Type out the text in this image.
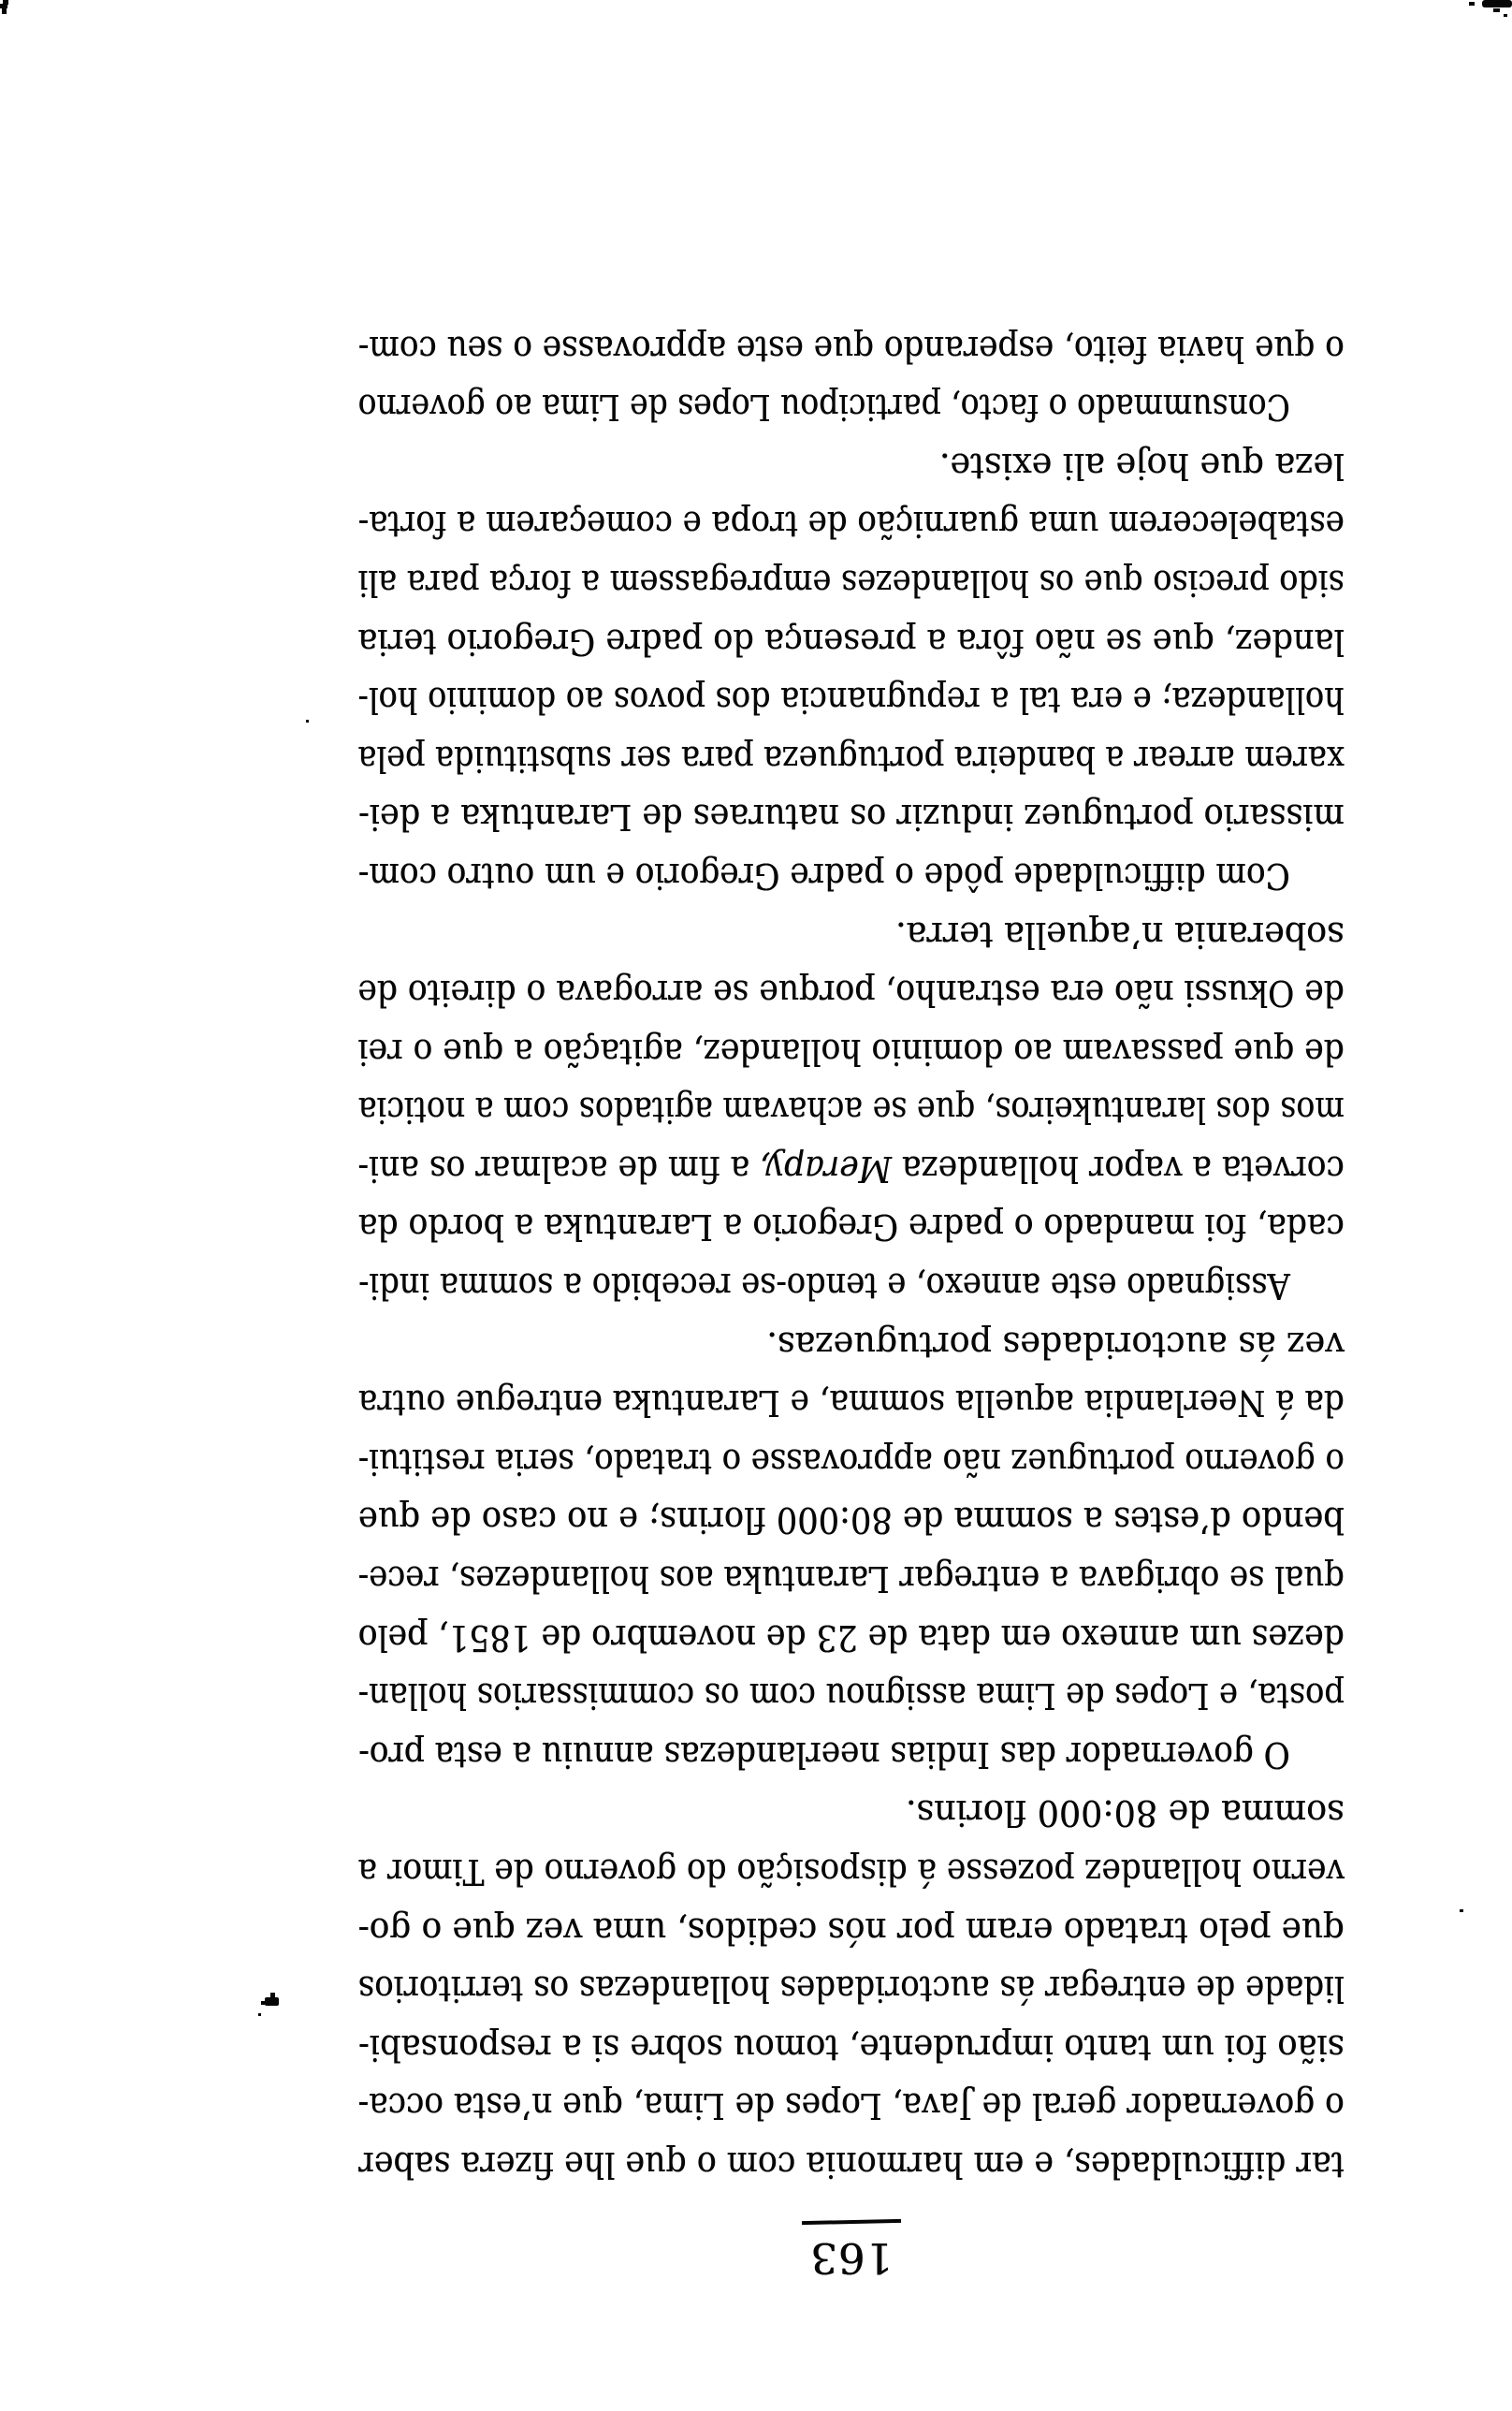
163
tar difficuldades, e em harmonia com o que lhe fizera saber
o governador geral de Java, Lopes de Lima, que n’esta occa-
sião foi um tanto imprudente, tomou sobre si a responsabi-
lidade de entregar ás auctoridades hollandezas os territorios
que pelo tratado eram por nós cedidos, uma vez que o go-
verno hollandez pozesse á disposição do governo de Timor a
somma de 80:000 florins.
O governador das Indias neerlandezas annuiu a esta pro-
posta, e Lopes de Lima assignou com os commissarios hollan-
dezes um annexo em data de 23 de novembro de 1851, pelo
qual se obrigava a entregar Larantuka aos hollandezes, rece-
bendo d’estes a somma de 80:000 florins; e no caso de que
o governo portuguez não approvasse o tratado, seria restitui-
da á Neerlandia aquella somma, e Larantuka entregue outra
vez ás auctoridades portuguezas.
Assignado este annexo, e tendo-se recebido a somma indi-
cada, foi mandado o padre Gregorio a Larantuka a bordo da
corveta a vapor hollandeza Merapy, a fim de acalmar os ani-
mos dos larantukeiros, que se achavam agitados com a noticia
de que passavam ao dominio hollandez, agitação a que o rei
de Okussi não era estranho, porque se arrogava o direito de
soberania n’aquella terra.
Com difficuldade pôde o padre Gregorio e um outro com-
missario portuguez induzir os naturaes de Larantuka a dei-
xarem arrear a bandeira portugueza para ser substituida pela
hollandeza; e era tal a repugnancia dos povos ao dominio hol-
landez, que se não fôra a presença do padre Gregorio teria
sido preciso que os hollandezes empregassem a força para ali
estabelecerem uma guarnição de tropa e começarem a forta-
leza que hoje ali existe.
Consummado o facto, participou Lopes de Lima ao governo
o que havia feito, esperando que este approvasse o seu com-
